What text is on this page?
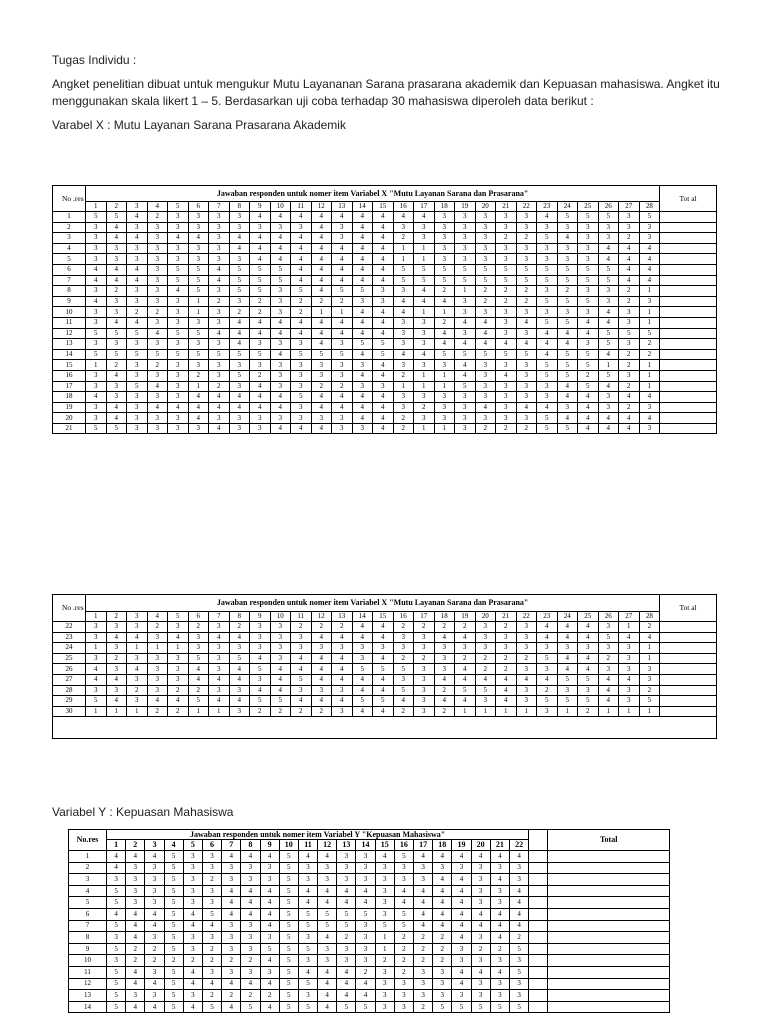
Tugas Individu :
Angket penelitian dibuat untuk mengukur Mutu Layananan Sarana prasarana akademik dan Kepuasan mahasiswa. Angket itu menggunakan skala likert 1 – 5. Berdasarkan uji coba terhadap 30 mahasiswa diperoleh data berikut :
Varabel X : Mutu Layanan Sarana Prasarana Akademik
No .res	Jawaban responden untuk nomer item Variabel X "Mutu Layanan Sarana dan Prasarana"																												Tot al
	1	2	3	4	5	6	7	8	9	10	11	12	13	14	15	16	17	18	19	20	21	22	23	24	25	26	27	28	
1	5	5	4	2	3	3	3	3	4	4	4	4	4	4	4	4	4	3	3	3	3	3	4	5	5	5	3	5	
2	3	4	3	3	3	3	3	3	3	3	3	4	3	4	4	3	3	3	3	3	3	3	3	3	3	3	3	3	
3	3	4	4	3	4	4	3	4	4	4	4	4	3	4	4	2	3	3	3	3	2	2	5	4	3	3	2	3	
4	3	3	3	3	3	3	3	4	4	4	4	4	4	4	4	1	1	3	3	3	3	3	3	3	3	4	4	4	
5	3	3	3	3	3	3	3	3	4	4	4	4	4	4	4	1	1	3	3	3	3	3	3	3	3	4	4	4	
6	4	4	4	3	5	5	4	5	5	5	4	4	4	4	4	5	5	5	5	5	5	5	5	5	5	5	4	4	
7	4	4	4	3	5	5	4	5	5	5	4	4	4	4	4	5	5	5	5	5	5	5	5	5	5	5	4	4	
8	3	2	3	3	4	5	3	5	5	3	5	4	5	5	3	3	4	2	1	2	2	2	3	2	3	3	2	1	
9	4	3	3	3	3	1	2	3	2	3	2	2	2	3	3	4	4	4	3	2	2	2	5	5	5	3	2	3	
10	3	3	2	2	3	1	3	2	2	3	2	1	1	4	4	4	1	1	3	3	3	3	3	3	3	4	3	1	
11	3	4	4	3	3	3	3	4	4	4	4	4	4	4	4	3	3	2	4	4	3	4	5	5	4	4	3	1	
12	5	5	5	4	5	5	4	4	4	4	4	4	4	4	4	3	3	4	3	4	3	3	4	4	4	5	5	5	
13	3	3	3	3	3	3	3	4	3	3	3	4	3	5	5	3	3	4	4	4	4	4	4	4	3	5	3	2	
14	5	5	5	5	5	5	5	5	5	4	5	5	5	4	5	4	4	5	5	5	5	5	4	5	5	4	2	2	
15	1	2	3	2	3	3	3	3	3	3	3	3	3	3	4	3	3	3	4	3	3	3	5	5	5	1	2	1	
16	3	4	3	3	3	2	3	5	2	3	3	3	3	4	4	2	1	1	4	3	4	3	5	5	2	5	3	1	
17	3	3	5	4	3	1	2	3	4	3	3	2	2	3	3	1	1	1	5	3	3	3	3	4	5	4	2	1	
18	4	3	3	3	3	4	4	4	4	4	5	4	4	4	4	3	3	3	3	3	3	3	3	4	4	3	4	4	
19	3	4	3	4	4	4	4	4	4	4	3	4	4	4	4	3	2	3	3	4	3	4	4	3	4	3	2	3	
20	3	4	3	3	3	4	3	3	3	3	3	3	3	4	4	2	3	3	3	3	3	3	5	4	4	4	4	4	
21	5	5	3	3	3	3	4	3	3	4	4	4	3	3	4	2	1	1	3	2	2	2	5	5	4	4	4	3	
No .res	Jawaban responden untuk nomer item Variabel X "Mutu Layanan Sarana dan Prasarana"																												Tot al
	1	2	3	4	5	6	7	8	9	10	11	12	13	14	15	16	17	18	19	20	21	22	23	24	25	26	27	28	
22	3	3	3	2	3	2	3	2	3	3	2	2	2	4	4	2	2	2	2	3	2	3	4	4	4	3	1	2	
23	3	4	4	3	4	3	4	4	3	3	3	4	4	4	4	3	3	4	4	3	3	3	4	4	4	5	4	4	
24	1	3	1	1	1	3	3	3	3	3	3	3	3	3	3	3	3	3	3	3	3	3	3	3	3	3	3	1	
25	3	2	3	3	3	5	3	5	4	3	4	4	4	3	4	2	2	3	2	2	2	2	5	4	4	2	3	1	
26	4	3	4	3	3	4	3	4	5	4	4	4	4	5	5	5	3	3	4	2	2	3	3	4	4	3	3	3	
27	4	4	3	3	3	4	4	4	3	4	5	4	4	4	4	3	3	4	4	4	4	4	4	5	5	4	4	3	
28	3	3	2	3	2	2	3	3	4	4	3	3	3	4	4	5	3	2	5	5	4	3	2	3	3	4	3	2	
29	5	4	3	4	4	5	4	4	5	5	4	4	4	5	5	4	3	4	4	3	4	3	5	5	5	4	3	5	
30	1	1	1	2	2	1	1	3	2	2	2	2	3	4	4	2	3	2	1	1	1	1	3	1	2	1	1	1	

Variabel Y : Kepuasan Mahasiswa
No.res	Jawaban responden untuk nomer item Variabel Y "Kepuasan Mahasiswa"																							Total
	1	2	3	4	5	6	7	8	9	10	11	12	13	14	15	16	17	18	19	20	21	22		
1	4	4	4	5	3	3	4	4	4	5	4	4	3	3	4	5	4	4	4	4	4	4		
2	4	3	3	5	3	3	3	3	3	5	3	3	3	3	3	3	3	3	3	3	3	3		
3	3	3	3	5	3	2	3	3	3	5	3	3	3	3	3	3	3	4	4	3	4	3		
4	5	3	3	5	3	3	4	4	4	5	4	4	4	4	3	4	4	4	4	3	3	4		
5	5	3	3	5	3	3	4	4	4	5	4	4	4	4	3	4	4	4	4	3	3	4		
6	4	4	4	5	4	5	4	4	4	5	5	5	5	5	3	5	4	4	4	4	4	4		
7	5	4	4	5	4	4	3	3	4	5	5	5	5	3	5	5	4	4	4	4	4	4		
8	3	4	3	5	3	3	3	3	3	5	3	4	2	3	1	2	2	2	4	3	4	2		
9	5	2	2	5	3	2	3	3	5	5	5	3	3	3	1	2	2	2	3	2	2	5		
10	3	2	2	2	2	2	2	2	4	5	3	3	3	3	2	2	2	2	3	3	3	3		
11	5	4	3	5	4	3	3	3	3	5	4	4	4	2	3	2	3	3	4	4	4	5		
12	5	4	4	5	4	4	4	4	4	5	5	4	4	4	3	3	3	3	4	3	3	3		
13	5	3	3	5	3	2	2	2	2	5	3	4	4	4	3	3	3	3	3	3	3	3		
14	5	4	4	5	4	5	4	5	4	5	5	4	5	5	3	3	2	5	5	5	5	5		
